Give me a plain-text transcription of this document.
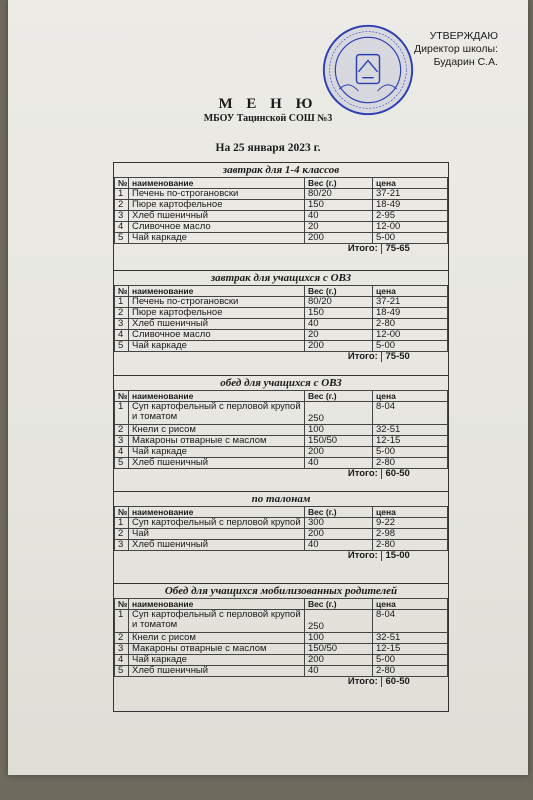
УТВЕРЖДАЮ
Директор школы:
Бударин С.А.
М Е Н Ю
МБОУ Тацинской СОШ №3
На 25 января 2023 г.
завтрак для 1-4 классов
№	наименование	Вес (г.)	цена
1	Печень по-строгановски	80/20	37-21
2	Пюре картофельное	150	18-49
3	Хлеб пшеничный	40	2-95
4	Сливочное масло	20	12-00
5	Чай каркаде	200	5-00
Итого: 75-65			
завтрак для учащихся с ОВЗ
№	наименование	Вес (г.)	цена
1	Печень по-строгановски	80/20	37-21
2	Пюре картофельное	150	18-49
3	Хлеб пшеничный	40	2-80
4	Сливочное масло	20	12-00
5	Чай каркаде	200	5-00
Итого: 75-50			
обед для учащихся с ОВЗ
№	наименование	Вес (г.)	цена
1	Суп картофельный с перловой крупой
и томатом	250	8-04
2	Кнели с рисом	100	32-51
3	Макароны отварные с маслом	150/50	12-15
4	Чай каркаде	200	5-00
5	Хлеб пшеничный	40	2-80
Итого: 60-50			
по талонам
№	наименование	Вес (г.)	цена
1	Суп картофельный с перловой крупой	300	9-22
2	Чай	200	2-98
3	Хлеб пшеничный	40	2-80
Итого: 15-00			
Обед для учащихся мобилизованных родителей
№	наименование	Вес (г.)	цена
1	Суп картофельный с перловой крупой
и томатом	250	8-04
2	Кнели с рисом	100	32-51
3	Макароны отварные с маслом	150/50	12-15
4	Чай каркаде	200	5-00
5	Хлеб пшеничный	40	2-80
Итого: 60-50			
